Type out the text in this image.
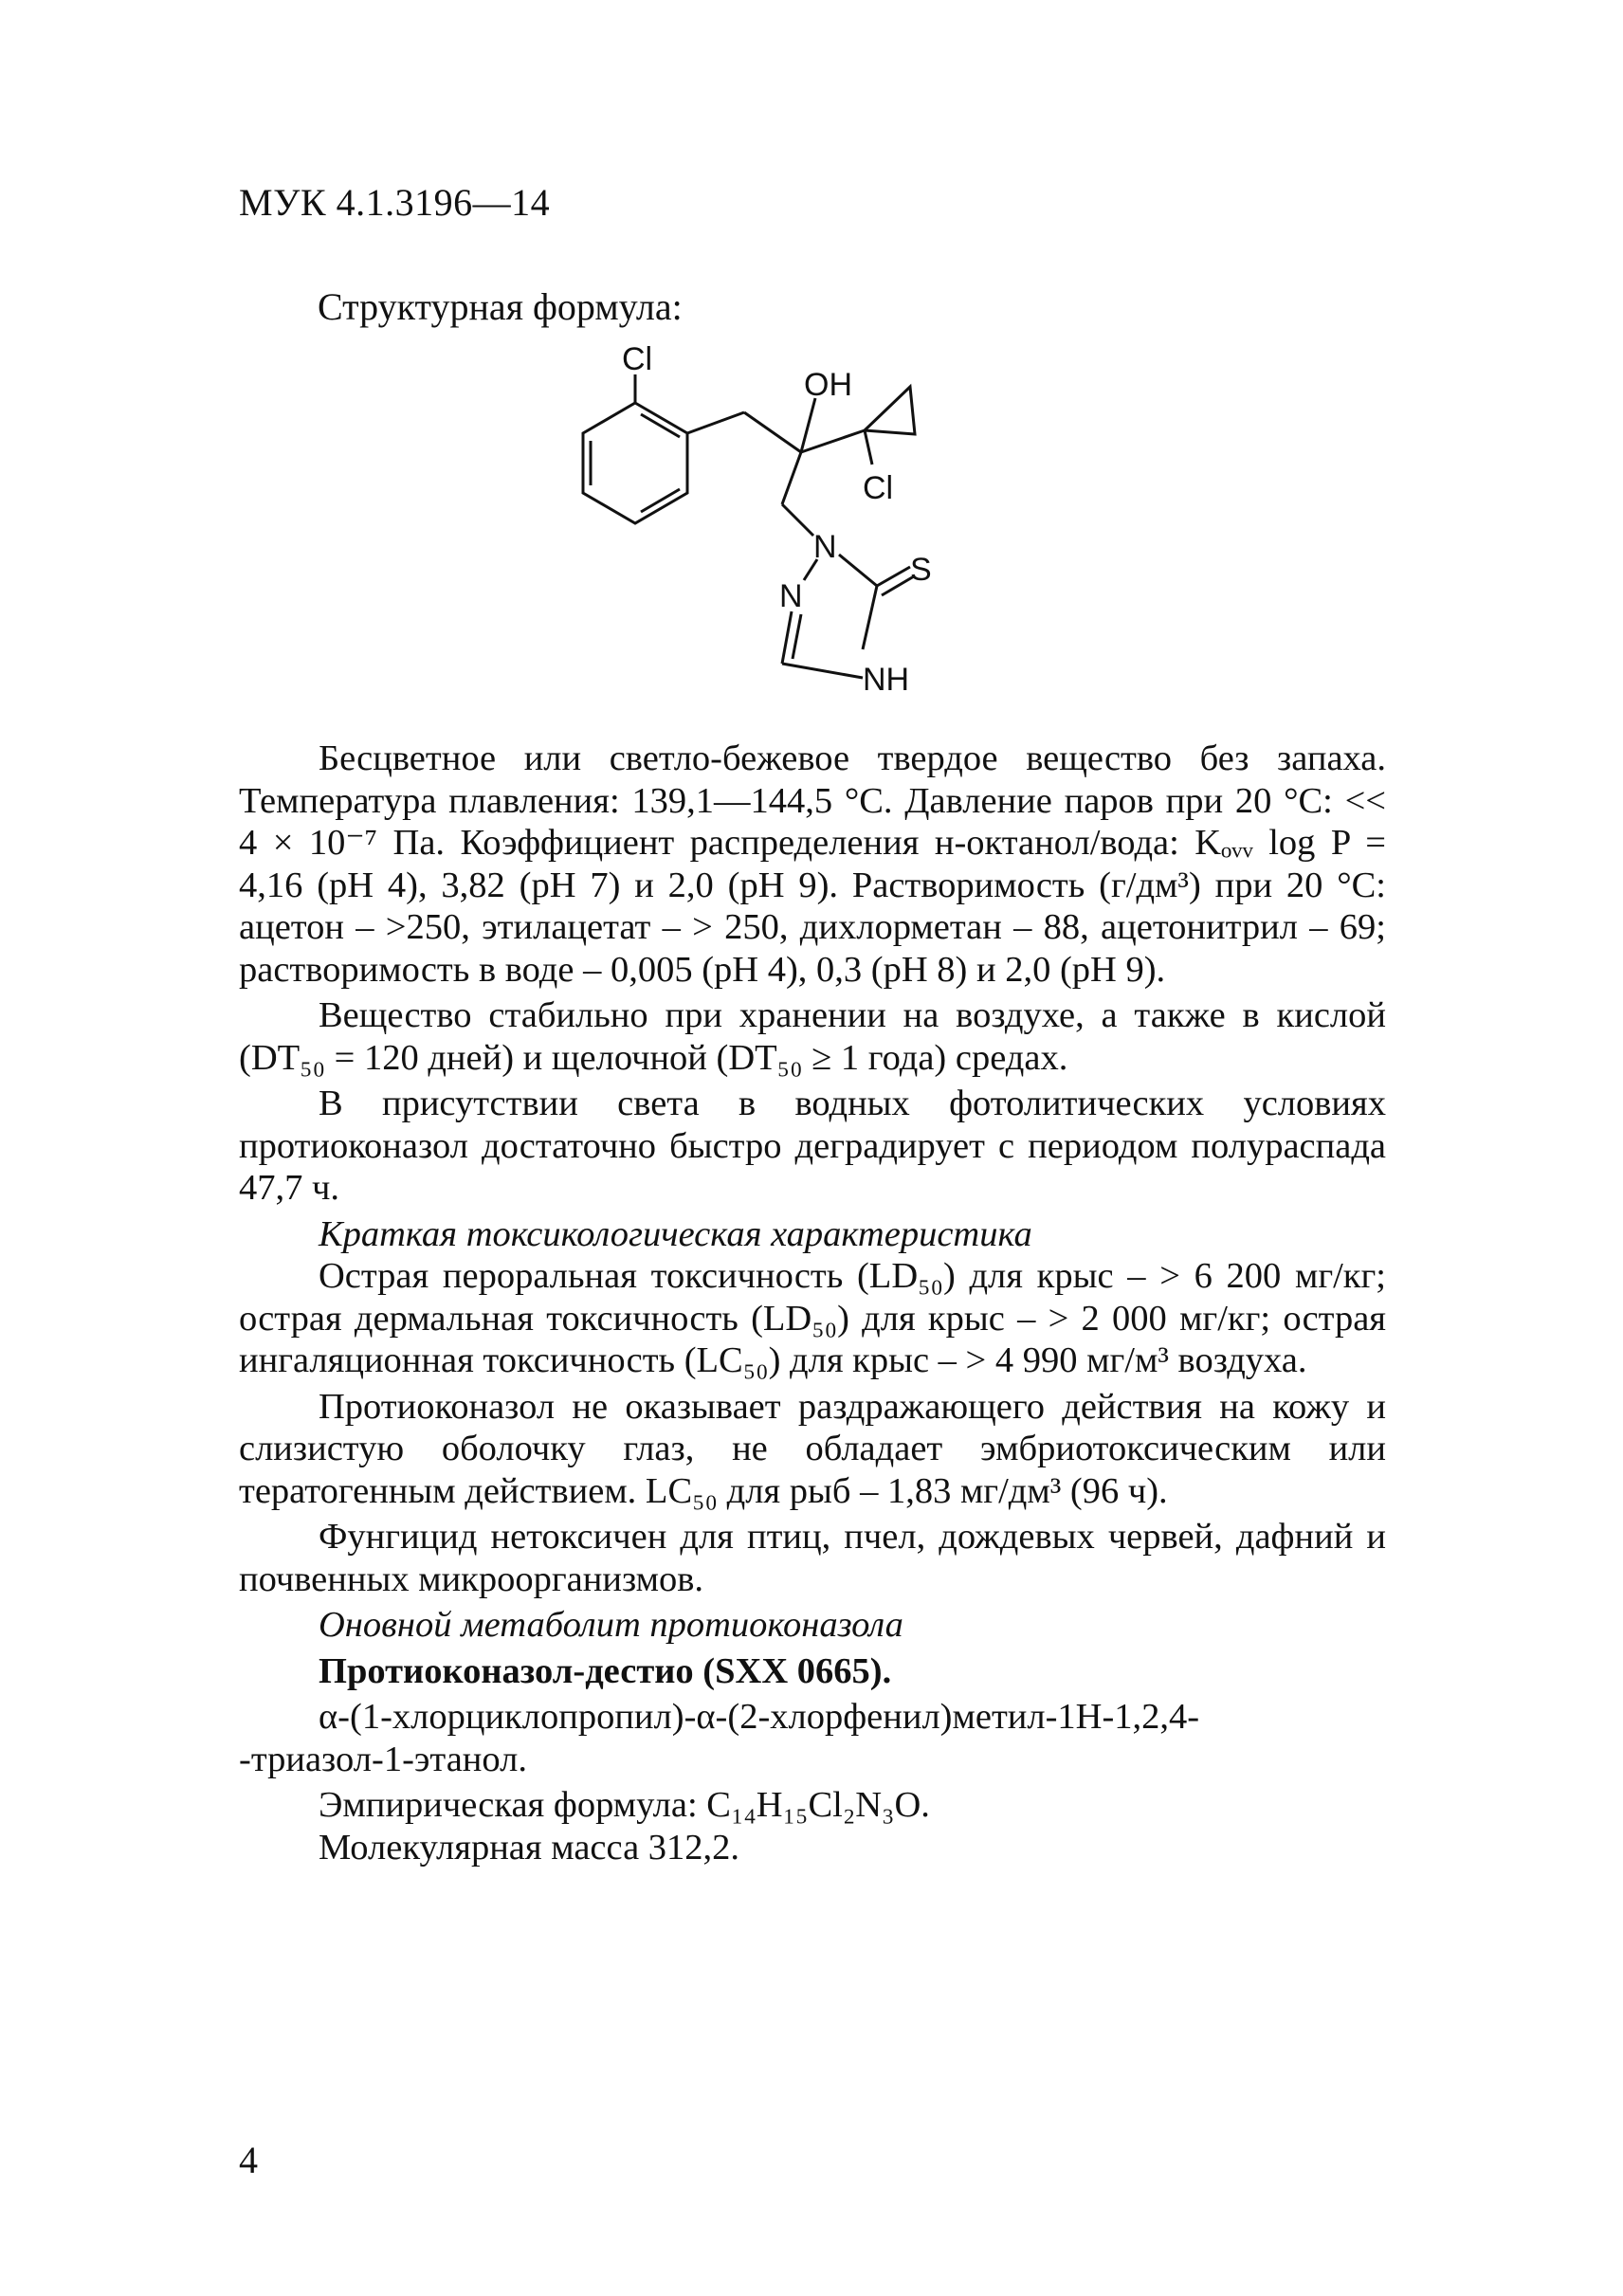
МУК 4.1.3196—14
Структурная формула:
Cl
OH
Cl
N
S
NH
N

Бесцветное или светло-бежевое твердое вещество без запаха. Температура плавления: 139,1—144,5 °С. Давление паров при 20 °С: << 4 × 10⁻⁷ Па. Коэффициент распределения н-октанол/вода: Kₒᵥᵥ log P = 4,16 (pH 4), 3,82 (pH 7) и 2,0 (pH 9). Растворимость (г/дм³) при 20 °С: ацетон – >250, этилацетат – > 250, дихлорметан – 88, ацетонитрил – 69; растворимость в воде – 0,005 (pH 4), 0,3 (pH 8) и 2,0 (pH 9).

Вещество стабильно при хранении на воздухе, а также в кислой (DT₅₀ = 120 дней) и щелочной (DT₅₀ ≥ 1 года) средах.

В присутствии света в водных фотолитических условиях протиоконазол достаточно быстро деградирует с периодом полураспада 47,7 ч.

Краткая токсикологическая характеристика

Острая пероральная токсичность (LD₅₀) для крыс – > 6 200 мг/кг; острая дермальная токсичность (LD₅₀) для крыс – > 2 000 мг/кг; острая ингаляционная токсичность (LC₅₀) для крыс – > 4 990 мг/м³ воздуха.

Протиоконазол не оказывает раздражающего действия на кожу и слизистую оболочку глаз, не обладает эмбриотоксическим или тератогенным действием. LC₅₀ для рыб – 1,83 мг/дм³ (96 ч).

Фунгицид нетоксичен для птиц, пчел, дождевых червей, дафний и почвенных микроорганизмов.

Оновной метаболит протиоконазола

Протиоконазол-дестио (SXX 0665).

α-(1-хлорциклопропил)-α-(2-хлорфенил)метил-1Н-1,2,4-

-триазол-1-этанол.

Эмпирическая формула: C₁₄H₁₅Cl₂N₃O.

Молекулярная масса 312,2.

4
